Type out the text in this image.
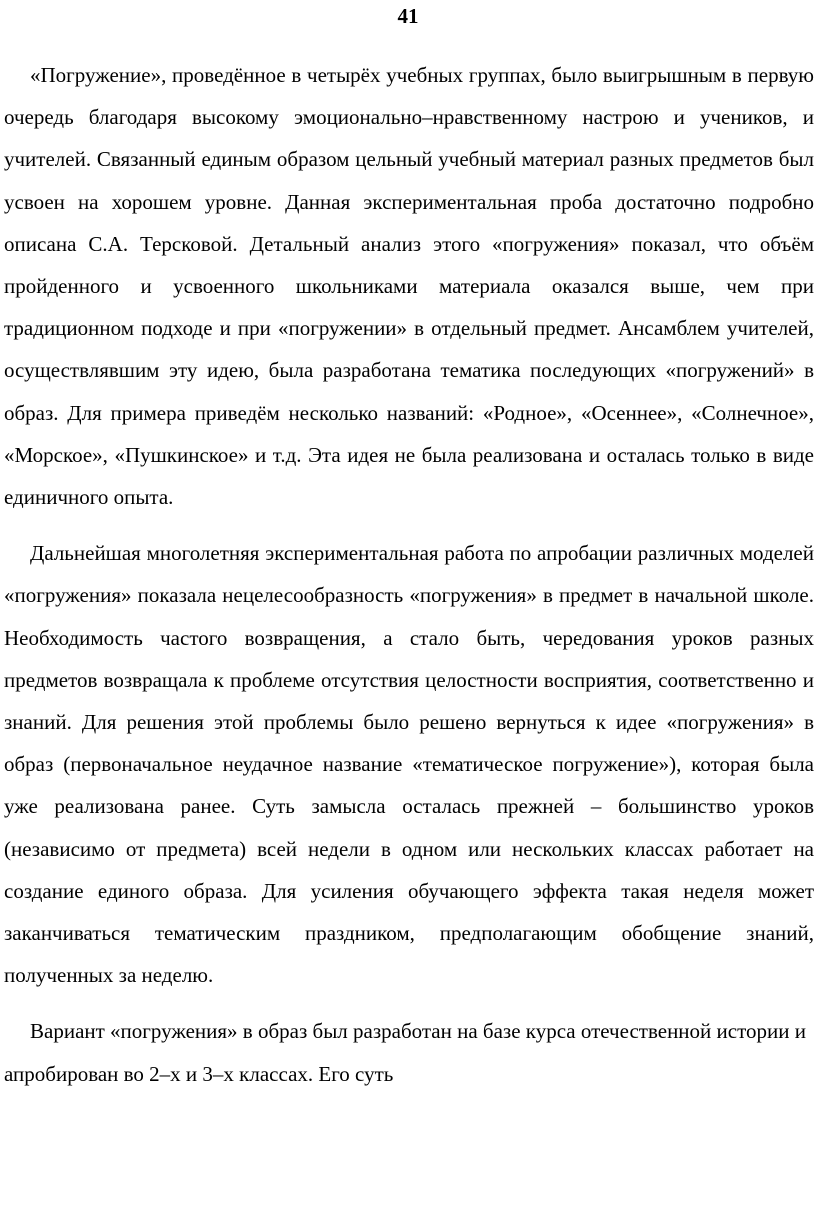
41

«Погружение», проведённое в четырёх учебных группах, было выигрышным в первую очередь благодаря высокому эмоционально–нравственному настрою и учеников, и учителей. Связанный единым образом цельный учебный материал разных предметов был усвоен на хорошем уровне. Данная экспериментальная проба достаточно подробно описана С.А. Терсковой. Детальный анализ этого «погружения» показал, что объём пройденного и усвоенного школьниками материала оказался выше, чем при традиционном подходе и при «погружении» в отдельный предмет. Ансамблем учителей, осуществлявшим эту идею, была разработана тематика последующих «погружений» в образ. Для примера приведём несколько названий: «Родное», «Осеннее», «Солнечное», «Морское», «Пушкинское» и т.д. Эта идея не была реализована и осталась только в виде единичного опыта.

Дальнейшая многолетняя экспериментальная работа по апробации различных моделей «погружения» показала нецелесообразность «погружения» в предмет в начальной школе. Необходимость частого возвращения, а стало быть, чередования уроков разных предметов возвращала к проблеме отсутствия целостности восприятия, соответственно и знаний. Для решения этой проблемы было решено вернуться к идее «погружения» в образ (первоначальное неудачное название «тематическое погружение»), которая была уже реализована ранее. Суть замысла осталась прежней – большинство уроков (независимо от предмета) всей недели в одном или нескольких классах работает на создание единого образа. Для усиления обучающего эффекта такая неделя может заканчиваться тематическим праздником, предполагающим обобщение знаний, полученных за неделю.

Вариант «погружения» в образ был разработан на базе курса отечественной истории и апробирован во 2–х и 3–х классах. Его суть
